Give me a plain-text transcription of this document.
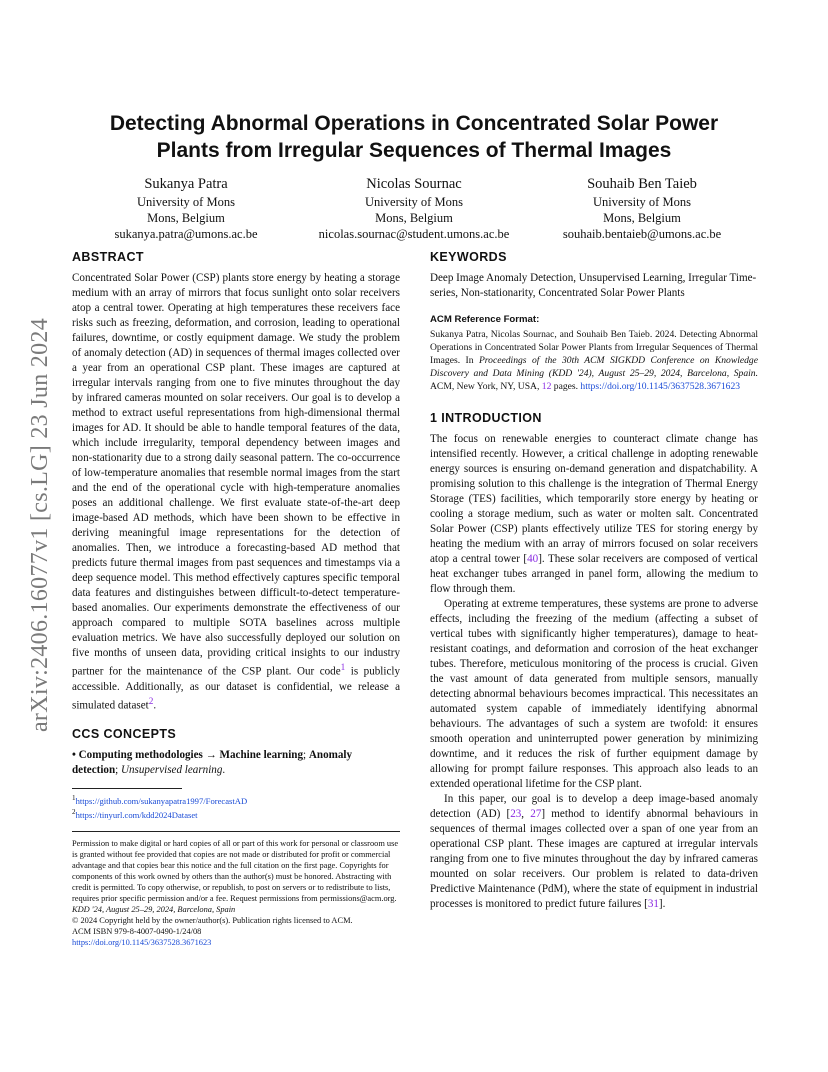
arXiv:2406.16077v1 [cs.LG] 23 Jun 2024
Detecting Abnormal Operations in Concentrated Solar Power
Plants from Irregular Sequences of Thermal Images
Sukanya Patra
University of Mons
Mons, Belgium
sukanya.patra@umons.ac.be
Nicolas Sournac
University of Mons
Mons, Belgium
nicolas.sournac@student.umons.ac.be
Souhaib Ben Taieb
University of Mons
Mons, Belgium
souhaib.bentaieb@umons.ac.be
ABSTRACT

Concentrated Solar Power (CSP) plants store energy by heating a storage medium with an array of mirrors that focus sunlight onto solar receivers atop a central tower. Operating at high temperatures these receivers face risks such as freezing, deformation, and corrosion, leading to operational failures, downtime, or costly equipment damage. We study the problem of anomaly detection (AD) in sequences of thermal images collected over a year from an operational CSP plant. These images are captured at irregular intervals ranging from one to five minutes throughout the day by infrared cameras mounted on solar receivers. Our goal is to develop a method to extract useful representations from high-dimensional thermal images for AD. It should be able to handle temporal features of the data, which include irregularity, temporal dependency between images and non-stationarity due to a strong daily seasonal pattern. The co-occurrence of low-temperature anomalies that resemble normal images from the start and the end of the operational cycle with high-temperature anomalies poses an additional challenge. We first evaluate state-of-the-art deep image-based AD methods, which have been shown to be effective in deriving meaningful image representations for the detection of anomalies. Then, we introduce a forecasting-based AD method that predicts future thermal images from past sequences and timestamps via a deep sequence model. This method effectively captures specific temporal data features and distinguishes between difficult-to-detect temperature-based anomalies. Our experiments demonstrate the effectiveness of our approach compared to multiple SOTA baselines across multiple evaluation metrics. We have also successfully deployed our solution on five months of unseen data, providing critical insights to our industry partner for the maintenance of the CSP plant. Our code$^1$ is publicly accessible. Additionally, as our dataset is confidential, we release a simulated dataset$^2$.

CCS CONCEPTS

• Computing methodologies → Machine learning; Anomaly detection; Unsupervised learning.

$^1$https://github.com/sukanyapatra1997/ForecastAD
$^2$https://tinyurl.com/kdd2024Dataset

Permission to make digital or hard copies of all or part of this work for personal or classroom use is granted without fee provided that copies are not made or distributed for profit or commercial advantage and that copies bear this notice and the full citation on the first page. Copyrights for components of this work owned by others than the author(s) must be honored. Abstracting with credit is permitted. To copy otherwise, or republish, to post on servers or to redistribute to lists, requires prior specific permission and/or a fee. Request permissions from permissions@acm.org.

KDD '24, August 25–29, 2024, Barcelona, Spain

© 2024 Copyright held by the owner/author(s). Publication rights licensed to ACM.

ACM ISBN 979-8-4007-0490-1/24/08

https://doi.org/10.1145/3637528.3671623

KEYWORDS

Deep Image Anomaly Detection, Unsupervised Learning, Irregular Time-series, Non-stationarity, Concentrated Solar Power Plants

ACM Reference Format:

Sukanya Patra, Nicolas Sournac, and Souhaib Ben Taieb. 2024. Detecting Abnormal Operations in Concentrated Solar Power Plants from Irregular Sequences of Thermal Images. In Proceedings of the 30th ACM SIGKDD Conference on Knowledge Discovery and Data Mining (KDD '24), August 25–29, 2024, Barcelona, Spain. ACM, New York, NY, USA, 12 pages. https://doi.org/10.1145/3637528.3671623

1 INTRODUCTION

The focus on renewable energies to counteract climate change has intensified recently. However, a critical challenge in adopting renewable energy sources is ensuring on-demand generation and dispatchability. A promising solution to this challenge is the integration of Thermal Energy Storage (TES) facilities, which temporarily store energy by heating or cooling a storage medium, such as water or molten salt. Concentrated Solar Power (CSP) plants effectively utilize TES for storing energy by heating the medium with an array of mirrors focused on solar receivers atop a central tower [40]. These solar receivers are composed of vertical heat exchanger tubes arranged in panel form, allowing the medium to flow through them.

Operating at extreme temperatures, these systems are prone to adverse effects, including the freezing of the medium (affecting a subset of vertical tubes with significantly higher temperatures), damage to heat-resistant coatings, and deformation and corrosion of the heat exchanger tubes. Therefore, meticulous monitoring of the process is crucial. Given the vast amount of data generated from multiple sensors, manually detecting abnormal behaviours becomes impractical. This necessitates an automated system capable of immediately identifying abnormal behaviours. The advantages of such a system are twofold: it ensures smooth operation and uninterrupted power generation by minimizing downtime, and it reduces the risk of further equipment damage by allowing for prompt failure responses. This approach also leads to an extended operational lifetime for the CSP plant.

In this paper, our goal is to develop a deep image-based anomaly detection (AD) [23, 27] method to identify abnormal behaviours in sequences of thermal images collected over a span of one year from an operational CSP plant. These images are captured at irregular intervals ranging from one to five minutes throughout the day by infrared cameras mounted on solar receivers. Our problem is related to data-driven Predictive Maintenance (PdM), where the state of equipment in industrial processes is monitored to predict future failures [31].
